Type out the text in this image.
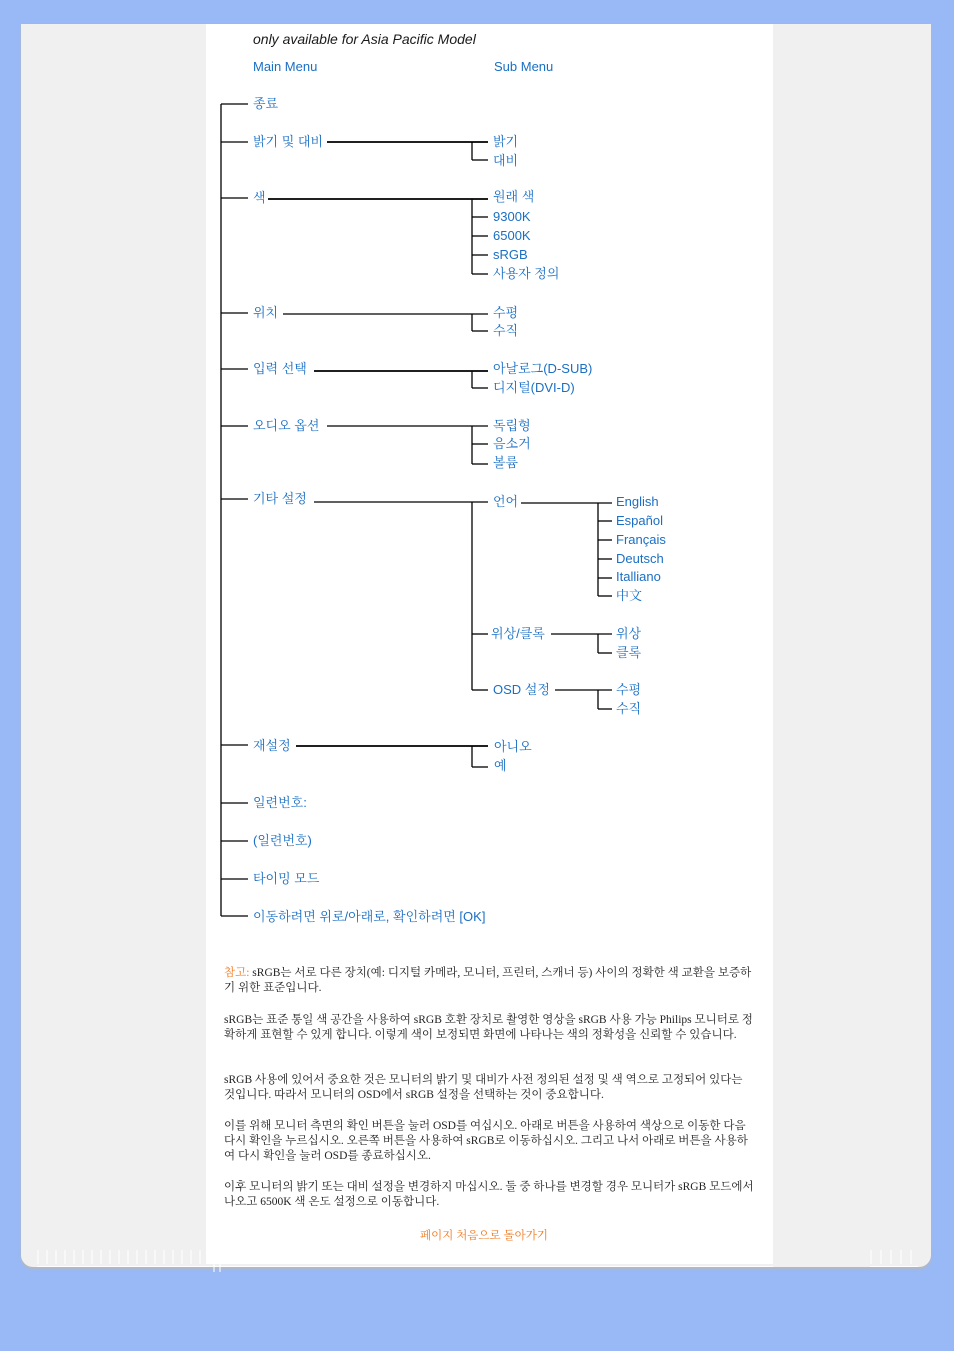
only available for Asia Pacific Model
Main Menu	Sub Menu
종료
밝기 및 대비
색
위치
입력 선택
오디오 옵션
기타 설정
재설정
일련번호:
(일련번호)
타이밍 모드
이동하려면 위로/아래로, 확인하려면 [OK]
밝기
대비
원래 색
9300K
6500K
sRGB
사용자 정의
수평
수직
아날로그(D-SUB)
디지털(DVI-D)
독립형
음소거
볼륨
언어
위상/클록
OSD 설정
English
Español
Français
Deutsch
Italliano
中文
위상
클록
수평
수직
아니오
예
참고: sRGB는 서로 다른 장치(예: 디지털 카메라, 모니터, 프린터, 스캐너 등) 사이의 정확한 색 교환을 보증하기 위한 표준입니다.
sRGB는 표준 통일 색 공간을 사용하여 sRGB 호환 장치로 촬영한 영상을 sRGB 사용 가능 Philips 모니터로 정확하게 표현할 수 있게 합니다. 이렇게 색이 보정되면 화면에 나타나는 색의 정확성을 신뢰할 수 있습니다.
sRGB 사용에 있어서 중요한 것은 모니터의 밝기 및 대비가 사전 정의된 설정 및 색 역으로 고정되어 있다는 것입니다. 따라서 모니터의 OSD에서 sRGB 설정을 선택하는 것이 중요합니다.
이를 위해 모니터 측면의 확인 버튼을 눌러 OSD를 여십시오. 아래로 버튼을 사용하여 색상으로 이동한 다음 다시 확인을 누르십시오. 오른쪽 버튼을 사용하여 sRGB로 이동하십시오. 그리고 나서 아래로 버튼을 사용하여 다시 확인을 눌러 OSD를 종료하십시오.
이후 모니터의 밝기 또는 대비 설정을 변경하지 마십시오. 둘 중 하나를 변경할 경우 모니터가 sRGB 모드에서 나오고 6500K 색 온도 설정으로 이동합니다.
페이지 처음으로 돌아가기
